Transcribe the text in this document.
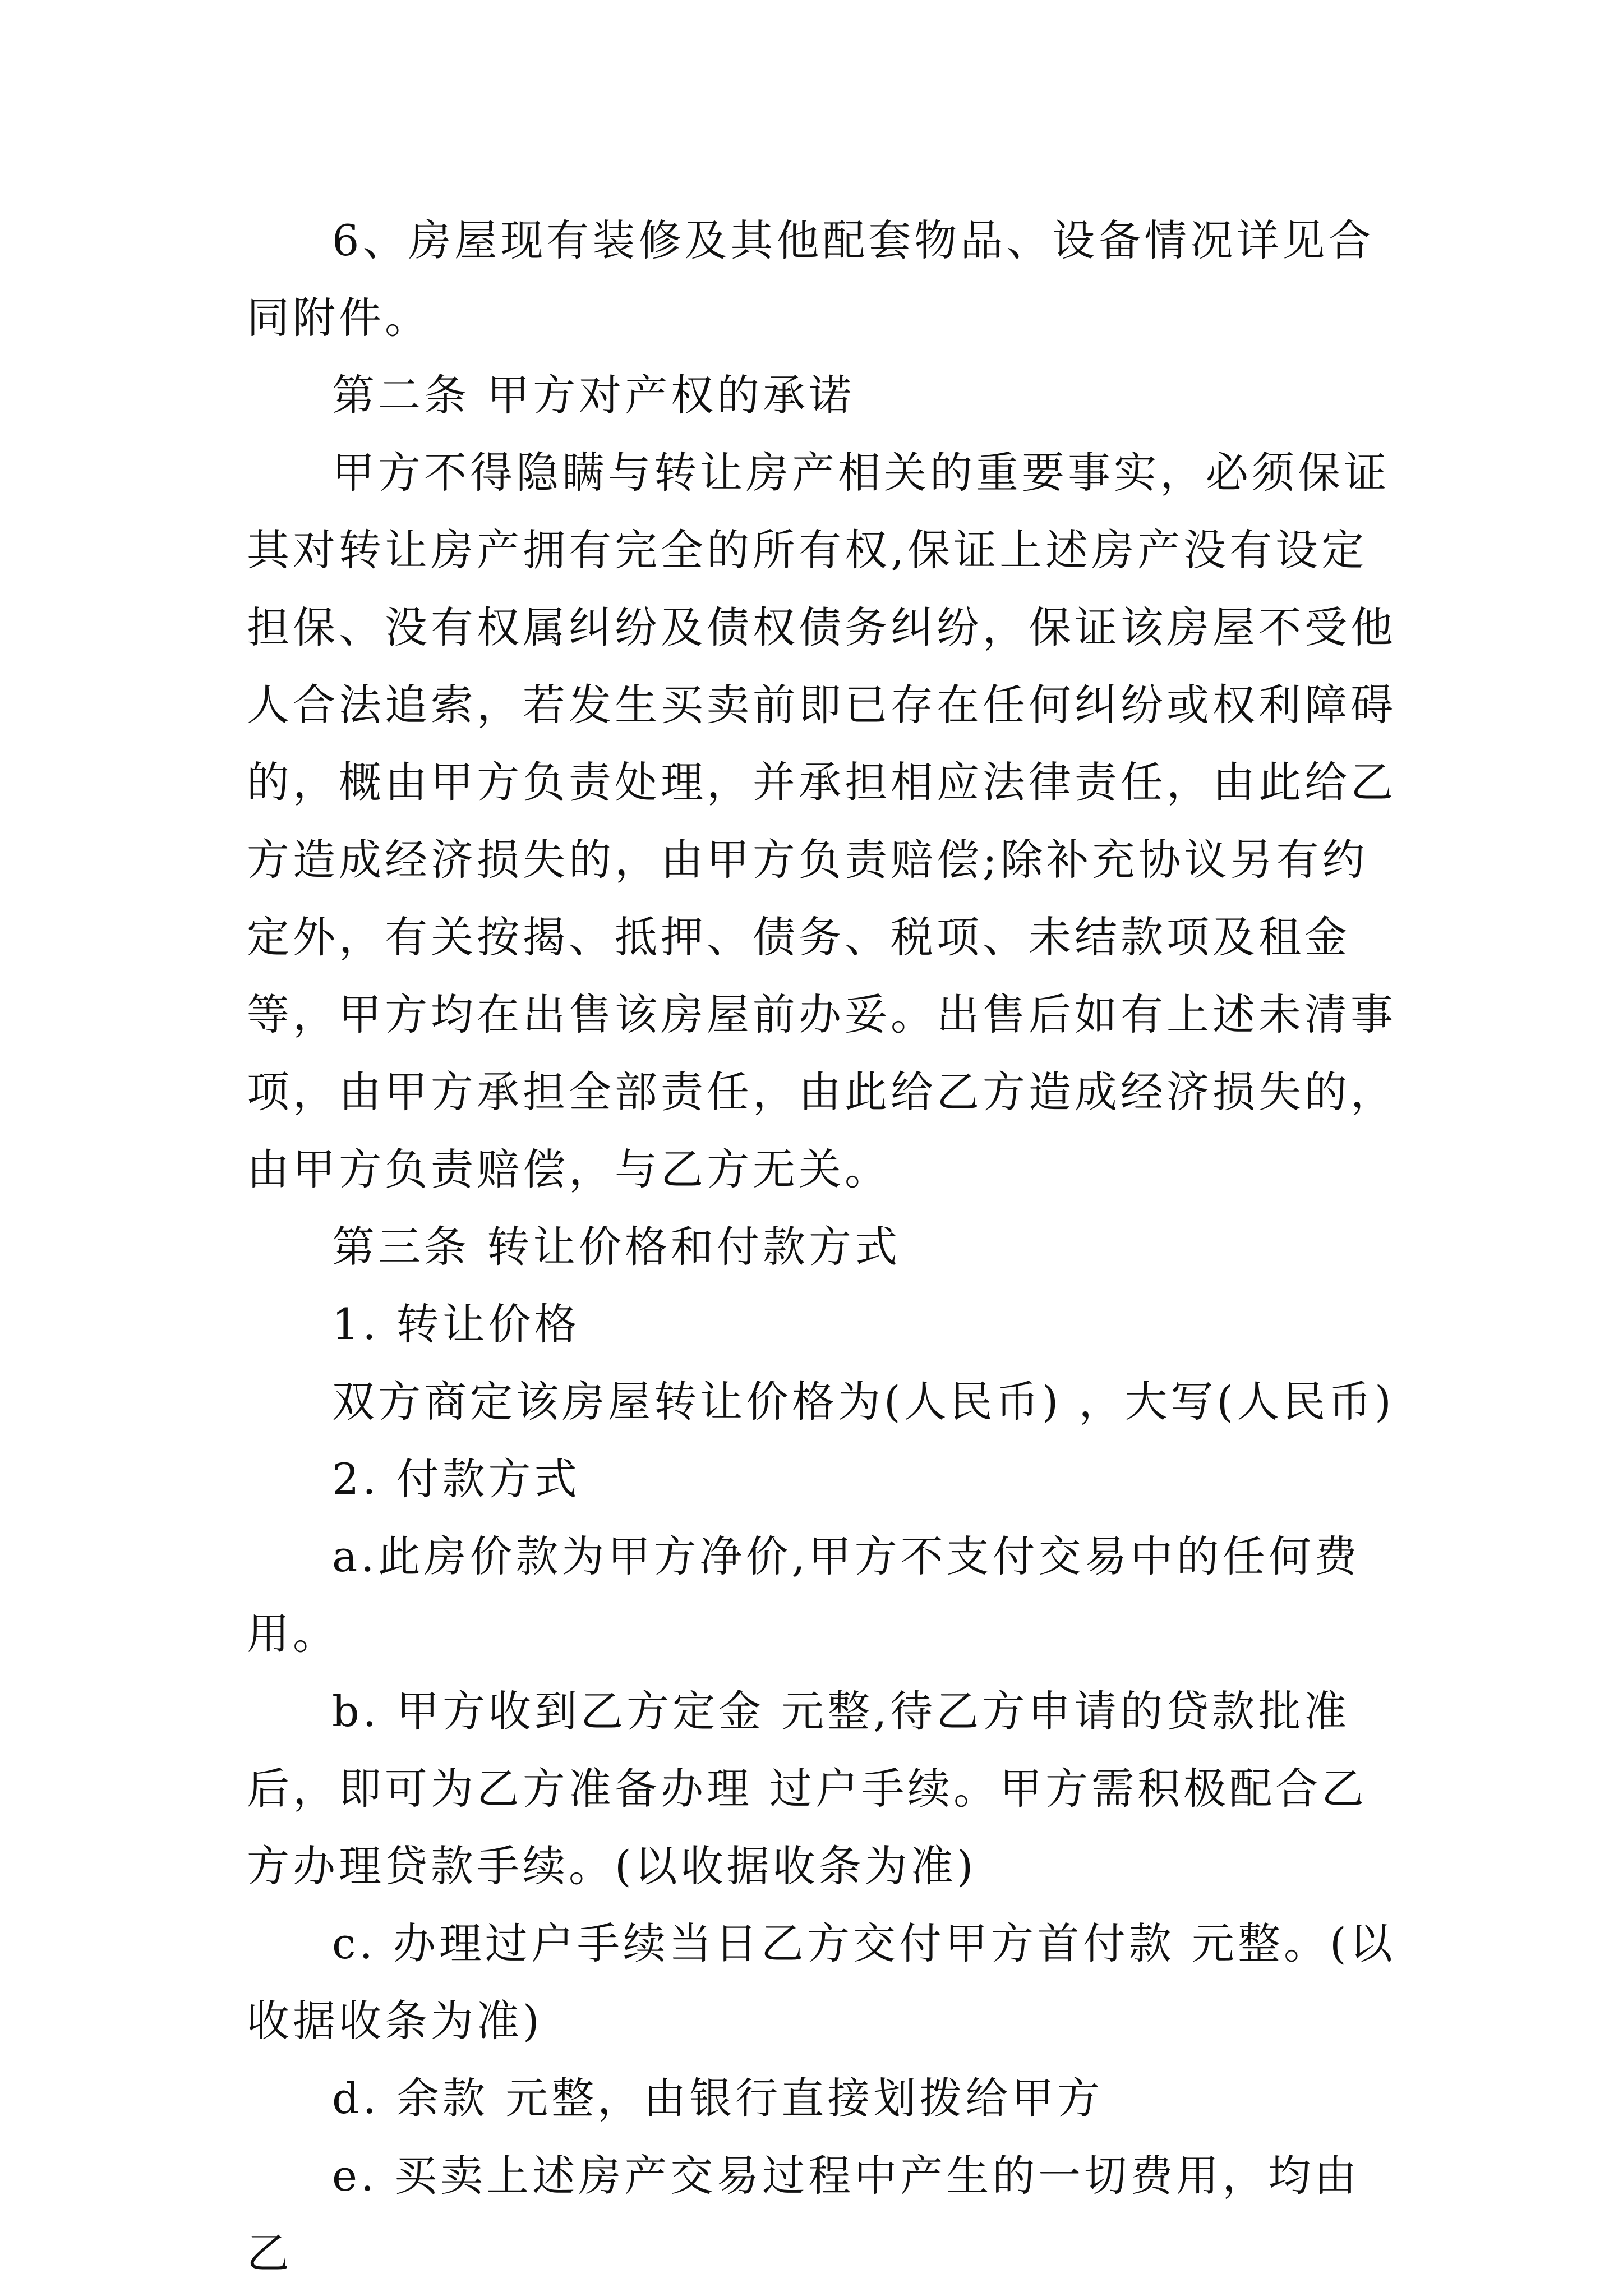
6、房屋现有装修及其他配套物品、设备情况详见合同附件。

第二条 甲方对产权的承诺

甲方不得隐瞒与转让房产相关的重要事实，必须保证其对转让房产拥有完全的所有权,保证上述房产没有设定担保、没有权属纠纷及债权债务纠纷，保证该房屋不受他人合法追索，若发生买卖前即已存在任何纠纷或权利障碍的，概由甲方负责处理，并承担相应法律责任，由此给乙方造成经济损失的，由甲方负责赔偿;除补充协议另有约定外，有关按揭、抵押、债务、税项、未结款项及租金等，甲方均在出售该房屋前办妥。出售后如有上述未清事项，由甲方承担全部责任，由此给乙方造成经济损失的，由甲方负责赔偿，与乙方无关。

第三条 转让价格和付款方式

1. 转让价格

双方商定该房屋转让价格为(人民币) ，大写(人民币)

2. 付款方式

a.此房价款为甲方净价,甲方不支付交易中的任何费用。

b. 甲方收到乙方定金 元整,待乙方申请的贷款批准后，即可为乙方准备办理 过户手续。甲方需积极配合乙方办理贷款手续。(以收据收条为准)

c. 办理过户手续当日乙方交付甲方首付款 元整。(以收据收条为准)

d. 余款 元整，由银行直接划拨给甲方

e. 买卖上述房产交易过程中产生的一切费用，均由乙
